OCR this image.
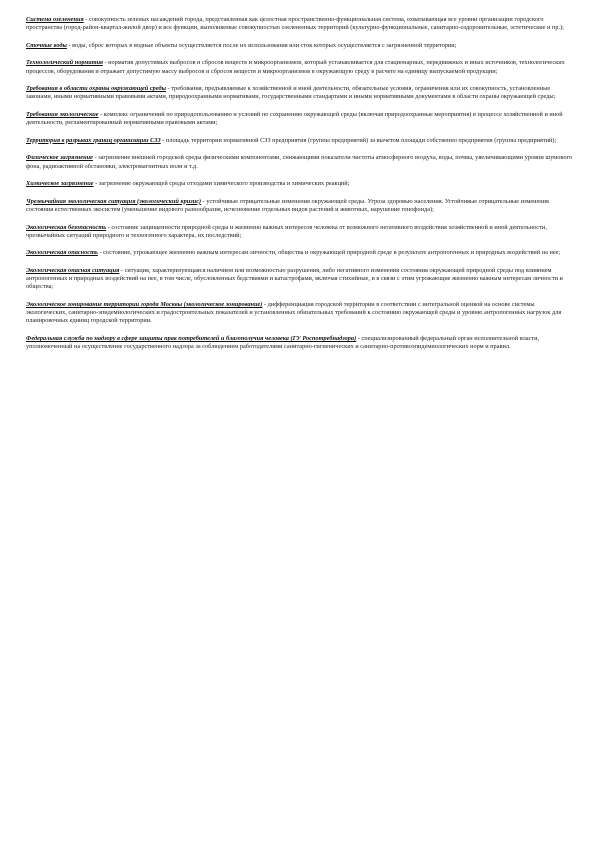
Система озеленения - совокупность зеленых насаждений города, представленная как целостная пространственно-функциональная система, охватывающая все уровни организации городского пространства (город-район-квартал-жилой двор) и все функции, выполняемые совокупностью озелененных территорий (культурно-функциональные, санитарно-оздоровительные, эстетические и пр.);

Сточные воды - воды, сброс которых в водные объекты осуществляется после их использования или сток которых осуществляется с загрязненной территории;

Технологический норматив - норматив допустимых выбросов и сбросов веществ и микроорганизмов, который устанавливается для стационарных, передвижных и иных источников, технологических процессов, оборудования и отражает допустимую массу выбросов и сбросов веществ и микроорганизмов в окружающую среду в расчете на единицу выпускаемой продукции;

Требования в области охраны окружающей среды - требования, предъявляемые к хозяйственной и иной деятельности, обязательные условия, ограничения или их совокупность, установленные законами, иными нормативными правовыми актами, природоохранными нормативами, государственными стандартами и иными нормативными документами в области охраны окружающей среды;

Требования экологические - комплекс ограничений по природопользованию и условий по сохранению окружающей среды (включая природоохранные мероприятия) в процессе хозяйственной и иной деятельности, регламентированный нормативными правовыми актами;

Территория в разрывах границ организации СЗЗ - площадь территории нормативной СЗЗ предприятия (группы предприятий) за вычетом площади собственно предприятия (группы предприятий);

Физическое загрязнение - загрязнение внешней городской среды физическими компонентами, снижающими показатели чистоты атмосферного воздуха, воды, почвы, увеличивающими уровни шумового фона, радиоактивной обстановки, электромагнитных волн и т.д.

Химическое загрязнение - загрязнение окружающей среды отходами химического производства и химических реакций;

Чрезвычайная экологическая ситуация (экологический кризис) - устойчивые отрицательные изменения окружающей среды. Угроза здоровью населения. Устойчивые отрицательные изменения состояния естественных экосистем (уменьшение видового разнообразия, исчезновение отдельных видов растений и животных, нарушение генофонда);

Экологическая безопасность - состояние защищенности природной среды и жизненно важных интересов человека от возможного негативного воздействия хозяйственной и иной деятельности, чрезвычайных ситуаций природного и техногенного характера, их последствий;

Экологическая опасность - состояние, угрожающее жизненно важным интересам личности, общества и окружающей природной среде в результате антропогенных и природных воздействий на нее;

Экологическая опасная ситуация - ситуация, характеризующаяся наличием или возможностью разрушения, либо негативного изменения состояния окружающей природной среды под влиянием антропогенных и природных воздействий на нее, в том числе, обусловленных бедствиями и катастрофами, включая стихийные, и в связи с этим угрожающие жизненно важным интересам личности и общества;

Экологическое зонирование территории города Москвы (экологическое зонирование) - дифференциация городской территории в соответствии с интегральной оценкой на основе системы экологических, санитарно-эпидемиологических и градостроительных показателей и установленных обязательных требований к состоянию окружающей среды и уровню антропогенных нагрузок для планировочных единиц городской территории.

Федеральная служба по надзору в сфере защиты прав потребителей и благополучия человека (ГУ Роспотребнадзора) - специализированный федеральный орган исполнительной власти, уполномоченный на осуществление государственного надзора за соблюдением работодателями санитарно-гигиенических и санитарно-противоэпидемиологических норм и правил.
